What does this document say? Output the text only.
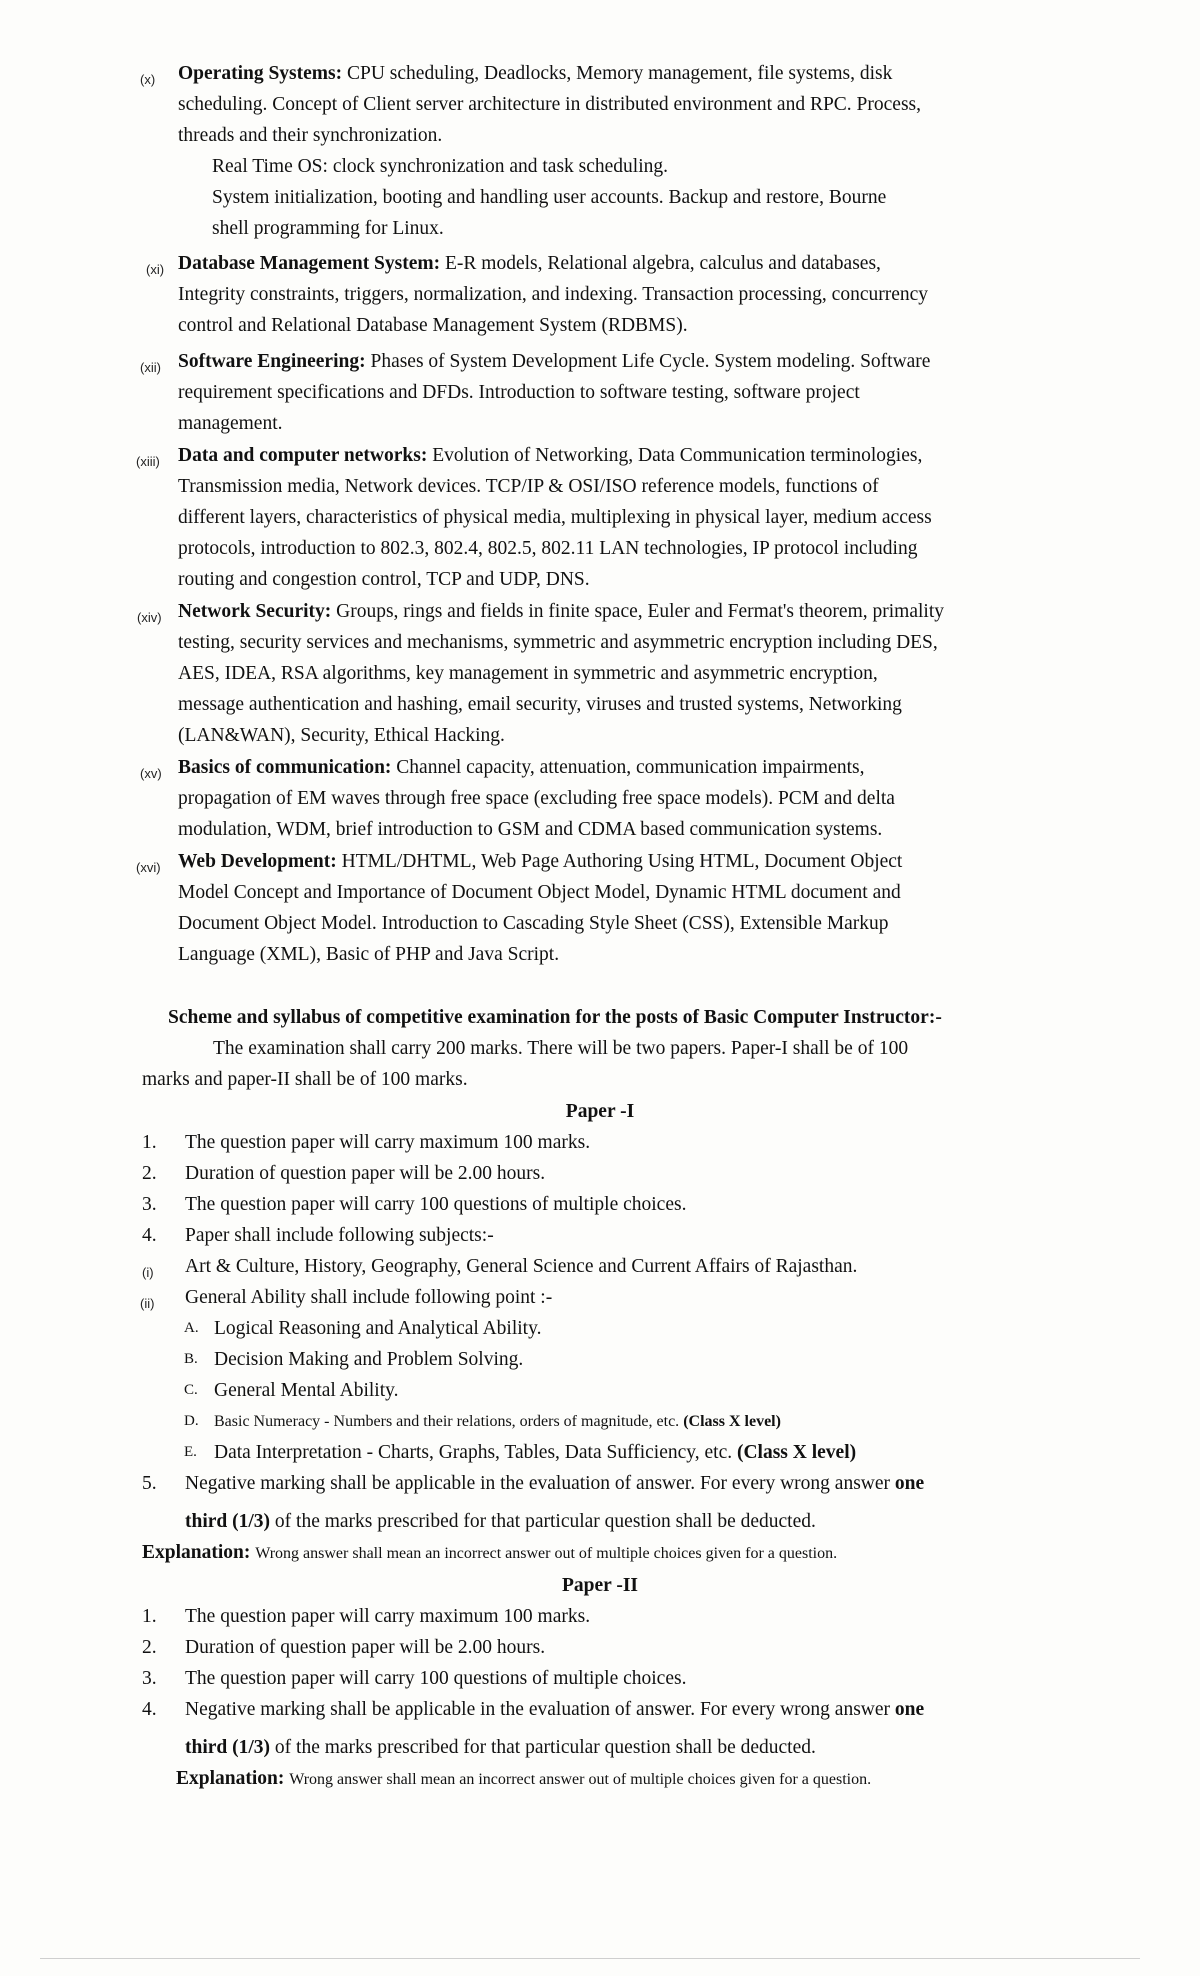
(x) Operating Systems: CPU scheduling, Deadlocks, Memory management, file systems, disk
scheduling. Concept of Client server architecture in distributed environment and RPC. Process,
threads and their synchronization.
Real Time OS: clock synchronization and task scheduling.
System initialization, booting and handling user accounts. Backup and restore, Bourne
shell programming for Linux.
(xi) Database Management System: E-R models, Relational algebra, calculus and databases,
Integrity constraints, triggers, normalization, and indexing. Transaction processing, concurrency
control and Relational Database Management System (RDBMS).
(xii) Software Engineering: Phases of System Development Life Cycle. System modeling. Software
requirement specifications and DFDs. Introduction to software testing, software project
management.
(xiii) Data and computer networks: Evolution of Networking, Data Communication terminologies,
Transmission media, Network devices. TCP/IP & OSI/ISO reference models, functions of
different layers, characteristics of physical media, multiplexing in physical layer, medium access
protocols, introduction to 802.3, 802.4, 802.5, 802.11 LAN technologies, IP protocol including
routing and congestion control, TCP and UDP, DNS.
(xiv) Network Security: Groups, rings and fields in finite space, Euler and Fermat's theorem, primality
testing, security services and mechanisms, symmetric and asymmetric encryption including DES,
AES, IDEA, RSA algorithms, key management in symmetric and asymmetric encryption,
message authentication and hashing, email security, viruses and trusted systems, Networking
(LAN&WAN), Security, Ethical Hacking.
(xv) Basics of communication: Channel capacity, attenuation, communication impairments,
propagation of EM waves through free space (excluding free space models). PCM and delta
modulation, WDM, brief introduction to GSM and CDMA based communication systems.
(xvi) Web Development: HTML/DHTML, Web Page Authoring Using HTML, Document Object
Model Concept and Importance of Document Object Model, Dynamic HTML document and
Document Object Model. Introduction to Cascading Style Sheet (CSS), Extensible Markup
Language (XML), Basic of PHP and Java Script.
Scheme and syllabus of competitive examination for the posts of Basic Computer Instructor:-
The examination shall carry 200 marks. There will be two papers. Paper-I shall be of 100
marks and paper-II shall be of 100 marks.
Paper -I
1. The question paper will carry maximum 100 marks.
2. Duration of question paper will be 2.00 hours.
3. The question paper will carry 100 questions of multiple choices.
4. Paper shall include following subjects:-
(i) Art & Culture, History, Geography, General Science and Current Affairs of Rajasthan.
(ii) General Ability shall include following point :-
A. Logical Reasoning and Analytical Ability.
B. Decision Making and Problem Solving.
C. General Mental Ability.
D. Basic Numeracy - Numbers and their relations, orders of magnitude, etc. (Class X level)
E. Data Interpretation - Charts, Graphs, Tables, Data Sufficiency, etc. (Class X level)
5. Negative marking shall be applicable in the evaluation of answer. For every wrong answer one
third (1/3) of the marks prescribed for that particular question shall be deducted.
Explanation: Wrong answer shall mean an incorrect answer out of multiple choices given for a question.
Paper -II
1. The question paper will carry maximum 100 marks.
2. Duration of question paper will be 2.00 hours.
3. The question paper will carry 100 questions of multiple choices.
4. Negative marking shall be applicable in the evaluation of answer. For every wrong answer one
third (1/3) of the marks prescribed for that particular question shall be deducted.
Explanation: Wrong answer shall mean an incorrect answer out of multiple choices given for a question.
